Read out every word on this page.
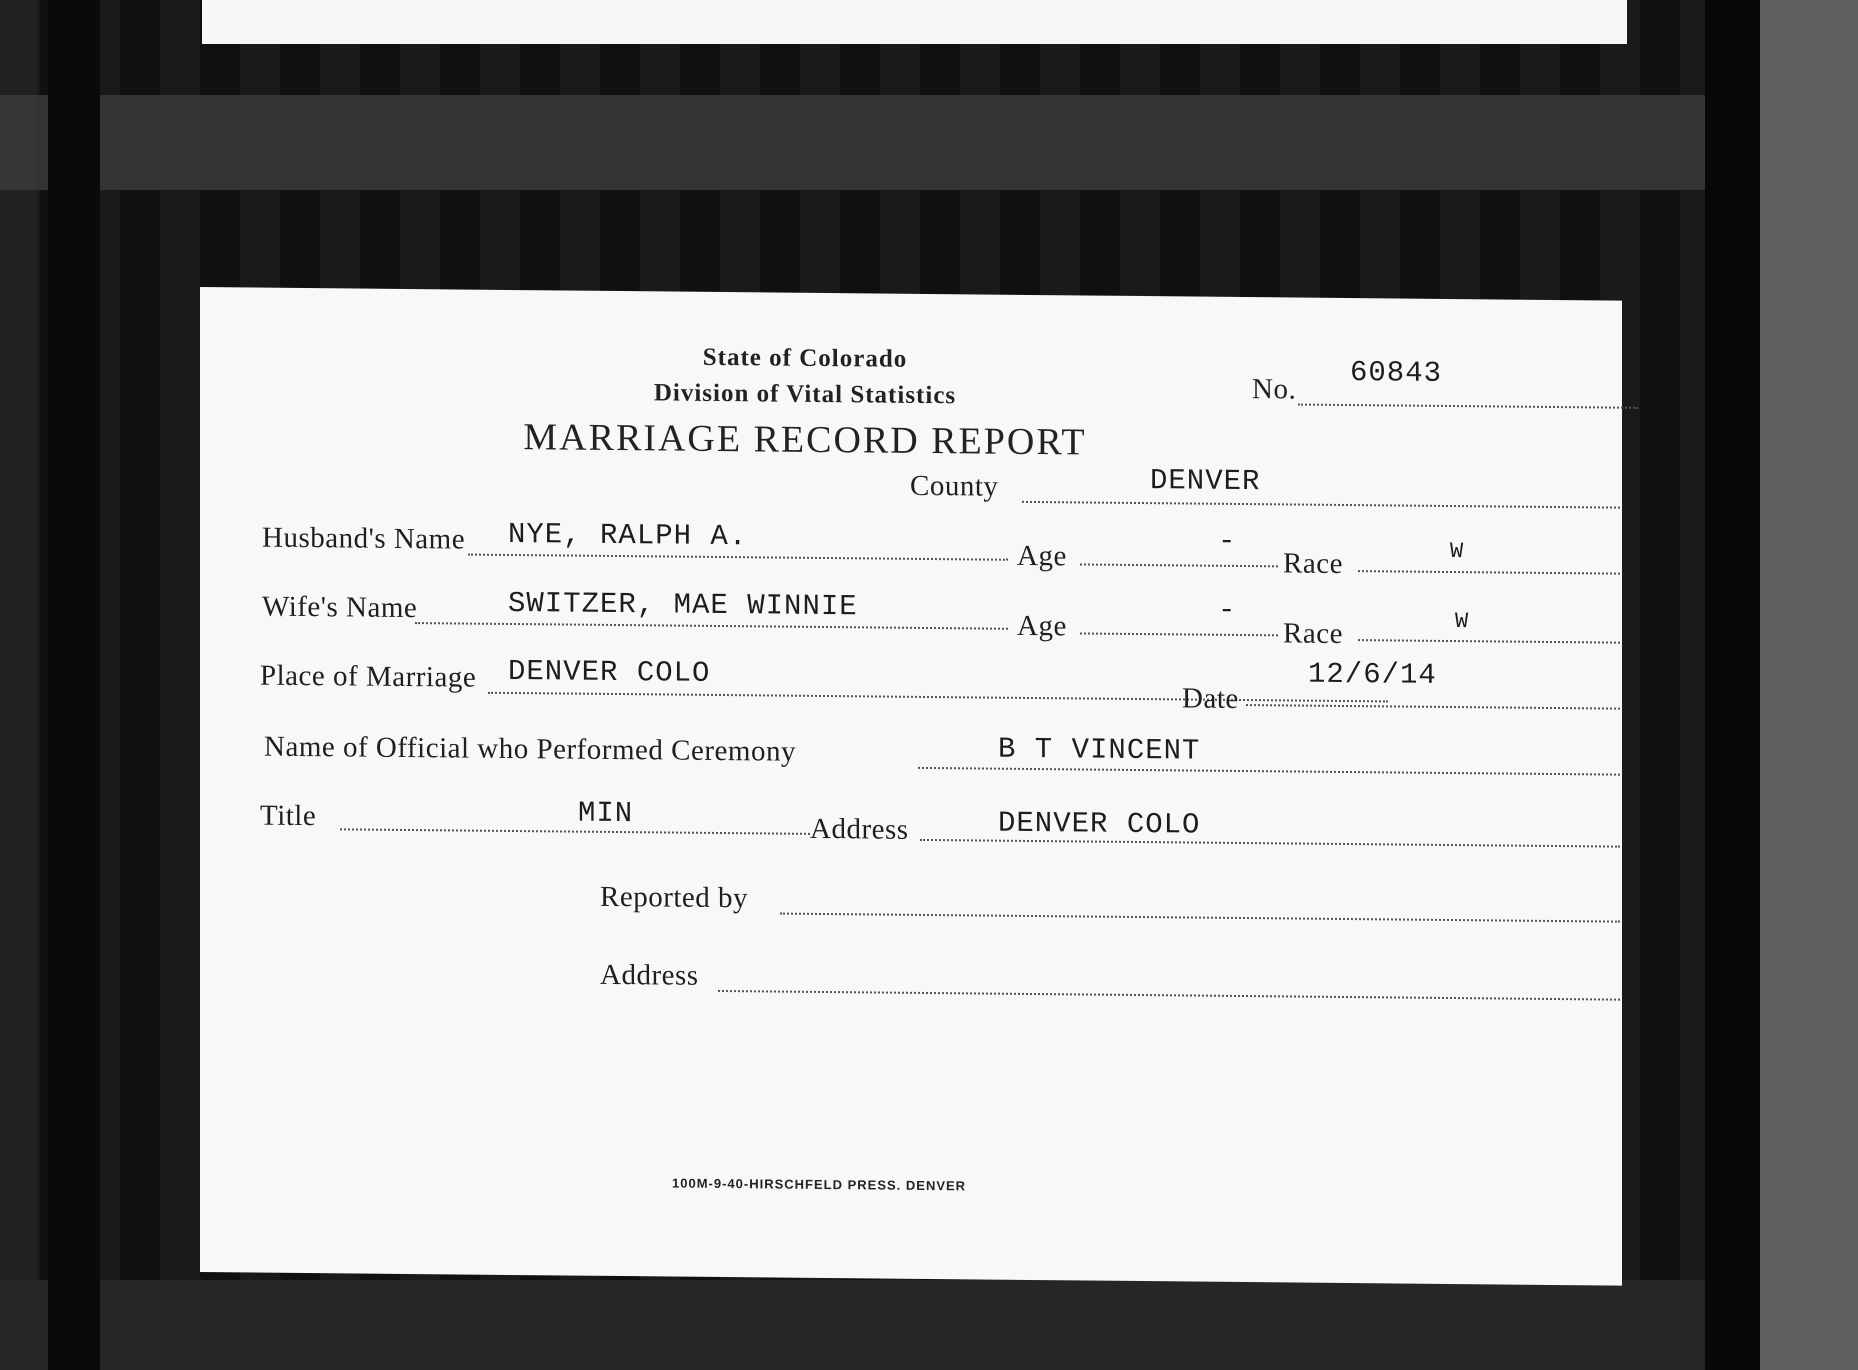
State of Colorado
Division of Vital Statistics
MARRIAGE RECORD REPORT
No. 60843
County	DENVER
Husband's Name NYE, RALPH A.
Age	-
Race	W
Wife's Name	SWITZER, MAE WINNIE
Age	-
Race	W
Place of Marriage DENVER COLO
Date
12/6/14
Name of Official who Performed Ceremony	B T VINCENT
Title	MIN	Address	DENVER COLO
Reported by
Address
100M-9-40-HIRSCHFELD PRESS. DENVER
